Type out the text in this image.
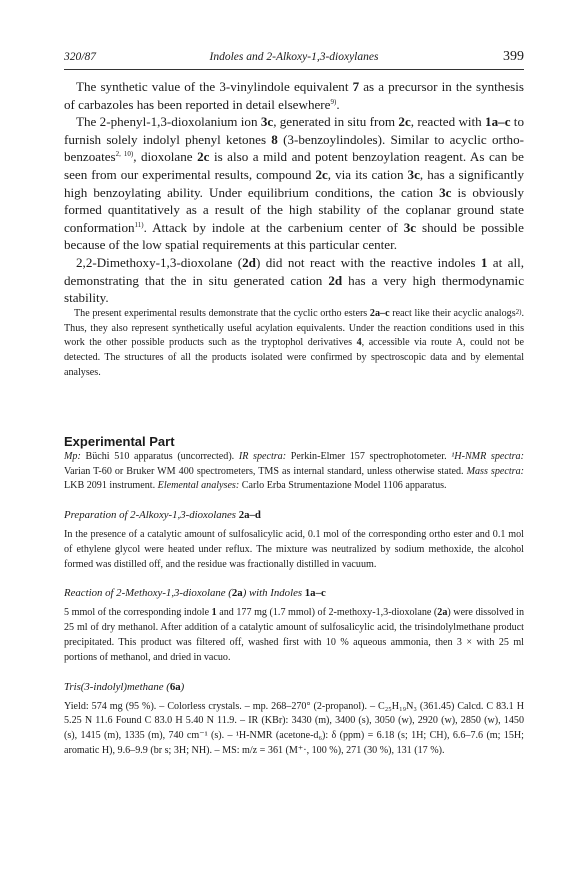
320/87	Indoles and 2-Alkoxy-1,3-dioxylanes	399

The synthetic value of the 3-vinylindole equivalent 7 as a precursor in the synthesis of carbazoles has been reported in detail elsewhere$^{9)}$.

The 2-phenyl-1,3-dioxolanium ion 3c, generated in situ from 2c, reacted with 1a–c to furnish solely indolyl phenyl ketones 8 (3-benzoylindoles). Similar to acyclic ortho-benzoates$^{2, 10)}$, dioxolane 2c is also a mild and potent benzoylation reagent. As can be seen from our experimental results, compound 2c, via its cation 3c, has a significantly high benzoylating ability. Under equilibrium conditions, the cation 3c is obviously formed quantitatively as a result of the high stability of the coplanar ground state conformation$^{11)}$. Attack by indole at the carbenium center of 3c should be possible because of the low spatial requirements at this particular center.

2,2-Dimethoxy-1,3-dioxolane (2d) did not react with the reactive indoles 1 at all, demonstrating that the in situ generated cation 2d has a very high thermodynamic stability.

The present experimental results demonstrate that the cyclic ortho esters 2a–c react like their acyclic analogs$^{2)}$. Thus, they also represent synthetically useful acylation equivalents. Under the reaction conditions used in this work the other possible products such as the tryptophol derivatives 4, accessible via route A, could not be detected. The structures of all the products isolated were confirmed by spectroscopic data and by elemental analyses.

Experimental Part

Mp: Büchi 510 apparatus (uncorrected). IR spectra: Perkin-Elmer 157 spectrophotometer. ¹H-NMR spectra: Varian T-60 or Bruker WM 400 spectrometers, TMS as internal standard, unless otherwise stated. Mass spectra: LKB 2091 instrument. Elemental analyses: Carlo Erba Strumentazione Model 1106 apparatus.

Preparation of 2-Alkoxy-1,3-dioxolanes 2a–d

In the presence of a catalytic amount of sulfosalicylic acid, 0.1 mol of the corresponding ortho ester and 0.1 mol of ethylene glycol were heated under reflux. The mixture was neutralized by sodium methoxide, the alcohol formed was distilled off, and the residue was fractionally distilled in vacuum.

Reaction of 2-Methoxy-1,3-dioxolane (2a) with Indoles 1a–c

5 mmol of the corresponding indole 1 and 177 mg (1.7 mmol) of 2-methoxy-1,3-dioxolane (2a) were dissolved in 25 ml of dry methanol. After addition of a catalytic amount of sulfosalicylic acid, the trisindolylmethane product precipitated. This product was filtered off, washed first with 10 % aqueous ammonia, then 3 × with 25 ml portions of methanol, and dried in vacuo.

Tris(3-indolyl)methane (6a)

Yield: 574 mg (95 %). – Colorless crystals. – mp. 268–270° (2-propanol). – C₂₅H₁₉N₃ (361.45) Calcd. C 83.1 H 5.25 N 11.6 Found C 83.0 H 5.40 N 11.9. – IR (KBr): 3430 (m), 3400 (s), 3050 (w), 2920 (w), 2850 (w), 1450 (s), 1415 (m), 1335 (m), 740 cm⁻¹ (s). – ¹H-NMR (acetone-d₆): δ (ppm) = 6.18 (s; 1H; CH), 6.6–7.6 (m; 15H; aromatic H), 9.6–9.9 (br s; 3H; NH). – MS: m/z = 361 (M⁺·, 100 %), 271 (30 %), 131 (17 %).
